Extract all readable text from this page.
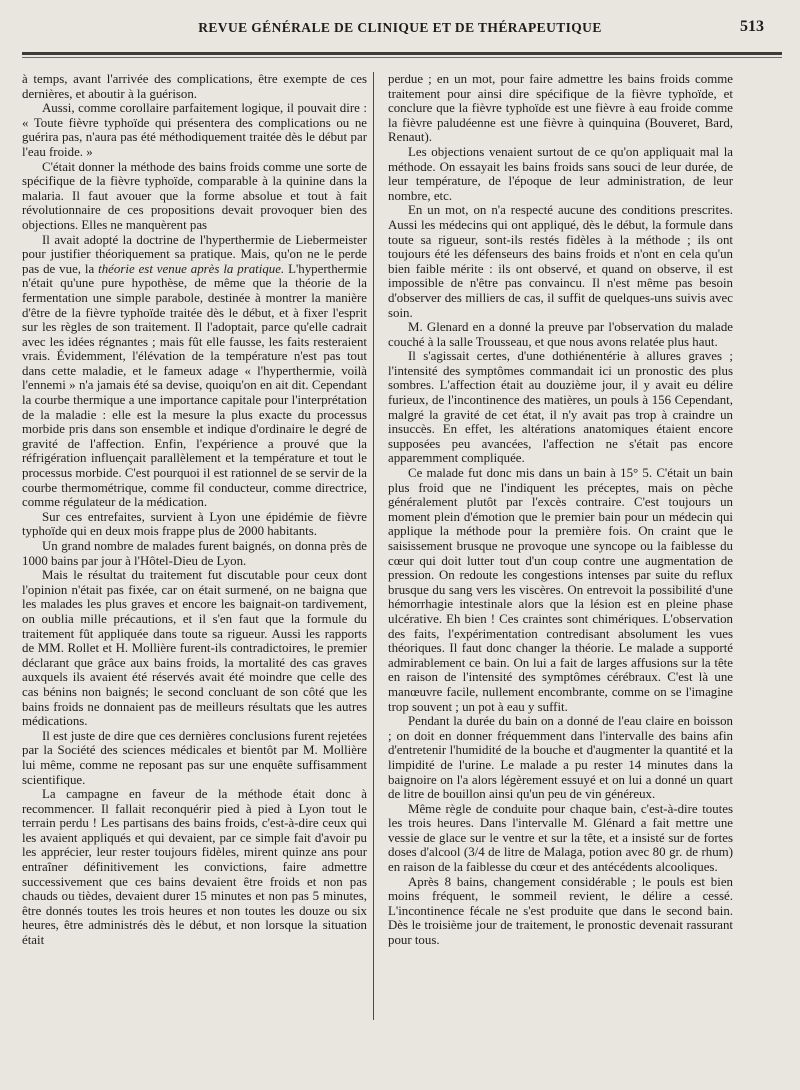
REVUE GÉNÉRALE DE CLINIQUE ET DE THÉRAPEUTIQUE	513

à temps, avant l'arrivée des complications, être exempte de ces dernières, et aboutir à la guérison.

Aussi, comme corollaire parfaitement logique, il pouvait dire : « Toute fièvre typhoïde qui présentera des complications ou ne guérira pas, n'aura pas été méthodiquement traitée dès le début par l'eau froide. »

C'était donner la méthode des bains froids comme une sorte de spécifique de la fièvre typhoïde, comparable à la quinine dans la malaria. Il faut avouer que la forme absolue et tout à fait révolutionnaire de ces propositions devait provoquer bien des objections. Elles ne manquèrent pas

Il avait adopté la doctrine de l'hyperthermie de Liebermeister pour justifier théoriquement sa pratique. Mais, qu'on ne le perde pas de vue, la théorie est venue après la pratique. L'hyperthermie n'était qu'une pure hypothèse, de même que la théorie de la fermentation une simple parabole, destinée à montrer la manière d'être de la fièvre typhoïde traitée dès le début, et à fixer l'esprit sur les règles de son traitement. Il l'adoptait, parce qu'elle cadrait avec les idées régnantes ; mais fût elle fausse, les faits resteraient vrais. Évidemment, l'élévation de la température n'est pas tout dans cette maladie, et le fameux adage « l'hyperthermie, voilà l'ennemi » n'a jamais été sa devise, quoiqu'on en ait dit. Cependant la courbe thermique a une importance capitale pour l'interprétation de la maladie : elle est la mesure la plus exacte du processus morbide pris dans son ensemble et indique d'ordinaire le degré de gravité de l'affection. Enfin, l'expérience a prouvé que la réfrigération influençait parallèlement et la température et tout le processus morbide. C'est pourquoi il est rationnel de se servir de la courbe thermométrique, comme fil conducteur, comme directrice, comme régulateur de la médication.

Sur ces entrefaites, survient à Lyon une épidémie de fièvre typhoïde qui en deux mois frappe plus de 2000 habitants.

Un grand nombre de malades furent baignés, on donna près de 1000 bains par jour à l'Hôtel-Dieu de Lyon.

Mais le résultat du traitement fut discutable pour ceux dont l'opinion n'était pas fixée, car on était surmené, on ne baigna que les malades les plus graves et encore les baignait-on tardivement, on oublia mille précautions, et il s'en faut que la formule du traitement fût appliquée dans toute sa rigueur. Aussi les rapports de MM. Rollet et H. Mollière furent-ils contradictoires, le premier déclarant que grâce aux bains froids, la mortalité des cas graves auxquels ils avaient été réservés avait été moindre que celle des cas bénins non baignés; le second concluant de son côté que les bains froids ne donnaient pas de meilleurs résultats que les autres médications.

Il est juste de dire que ces dernières conclusions furent rejetées par la Société des sciences médicales et bientôt par M. Mollière lui même, comme ne reposant pas sur une enquête suffisamment scientifique.

La campagne en faveur de la méthode était donc à recommencer. Il fallait reconquérir pied à pied à Lyon tout le terrain perdu ! Les partisans des bains froids, c'est-à-dire ceux qui les avaient appliqués et qui devaient, par ce simple fait d'avoir pu les apprécier, leur rester toujours fidèles, mirent quinze ans pour entraîner définitivement les convictions, faire admettre successivement que ces bains devaient être froids et non pas chauds ou tièdes, devaient durer 15 minutes et non pas 5 minutes, être donnés toutes les trois heures et non toutes les douze ou six heures, être administrés dès le début, et non lorsque la situation était

perdue ; en un mot, pour faire admettre les bains froids comme traitement pour ainsi dire spécifique de la fièvre typhoïde, et conclure que la fièvre typhoïde est une fièvre à eau froide comme la fièvre paludéenne est une fièvre à quinquina (Bouveret, Bard, Renaut).

Les objections venaient surtout de ce qu'on appliquait mal la méthode. On essayait les bains froids sans souci de leur durée, de leur température, de l'époque de leur administration, de leur nombre, etc.

En un mot, on n'a respecté aucune des conditions prescrites. Aussi les médecins qui ont appliqué, dès le début, la formule dans toute sa rigueur, sont-ils restés fidèles à la méthode ; ils ont toujours été les défenseurs des bains froids et n'ont en cela qu'un bien faible mérite : ils ont observé, et quand on observe, il est impossible de n'être pas convaincu. Il n'est même pas besoin d'observer des milliers de cas, il suffit de quelques-uns suivis avec soin.

M. Glenard en a donné la preuve par l'observation du malade couché à la salle Trousseau, et que nous avons relatée plus haut.

Il s'agissait certes, d'une dothiénentérie à allures graves ; l'intensité des symptômes commandait ici un pronostic des plus sombres. L'affection était au douzième jour, il y avait eu délire furieux, de l'incontinence des matières, un pouls à 156 Cependant, malgré la gravité de cet état, il n'y avait pas trop à craindre un insuccès. En effet, les altérations anatomiques étaient encore supposées peu avancées, l'affection ne s'était pas encore apparemment compliquée.

Ce malade fut donc mis dans un bain à 15° 5. C'était un bain plus froid que ne l'indiquent les préceptes, mais on pèche généralement plutôt par l'excès contraire. C'est toujours un moment plein d'émotion que le premier bain pour un médecin qui applique la méthode pour la première fois. On craint que le saisissement brusque ne provoque une syncope ou la faiblesse du cœur qui doit lutter tout d'un coup contre une augmentation de pression. On redoute les congestions intenses par suite du reflux brusque du sang vers les viscères. On entrevoit la possibilité d'une hémorrhagie intestinale alors que la lésion est en pleine phase ulcérative. Eh bien ! Ces craintes sont chimériques. L'observation des faits, l'expérimentation contredisant absolument les vues théoriques. Il faut donc changer la théorie. Le malade a supporté admirablement ce bain. On lui a fait de larges affusions sur la tête en raison de l'intensité des symptômes cérébraux. C'est là une manœuvre facile, nullement encombrante, comme on se l'imagine trop souvent ; un pot à eau y suffit.

Pendant la durée du bain on a donné de l'eau claire en boisson ; on doit en donner fréquemment dans l'intervalle des bains afin d'entretenir l'humidité de la bouche et d'augmenter la quantité et la limpidité de l'urine. Le malade a pu rester 14 minutes dans la baignoire on l'a alors légèrement essuyé et on lui a donné un quart de litre de bouillon ainsi qu'un peu de vin généreux.

Même règle de conduite pour chaque bain, c'est-à-dire toutes les trois heures. Dans l'intervalle M. Glénard a fait mettre une vessie de glace sur le ventre et sur la tête, et a insisté sur de fortes doses d'alcool (3/4 de litre de Malaga, potion avec 80 gr. de rhum) en raison de la faiblesse du cœur et des antécédents alcooliques.

Après 8 bains, changement considérable ; le pouls est bien moins fréquent, le sommeil revient, le délire a cessé. L'incontinence fécale ne s'est produite que dans le second bain. Dès le troisième jour de traitement, le pronostic devenait rassurant pour tous.
